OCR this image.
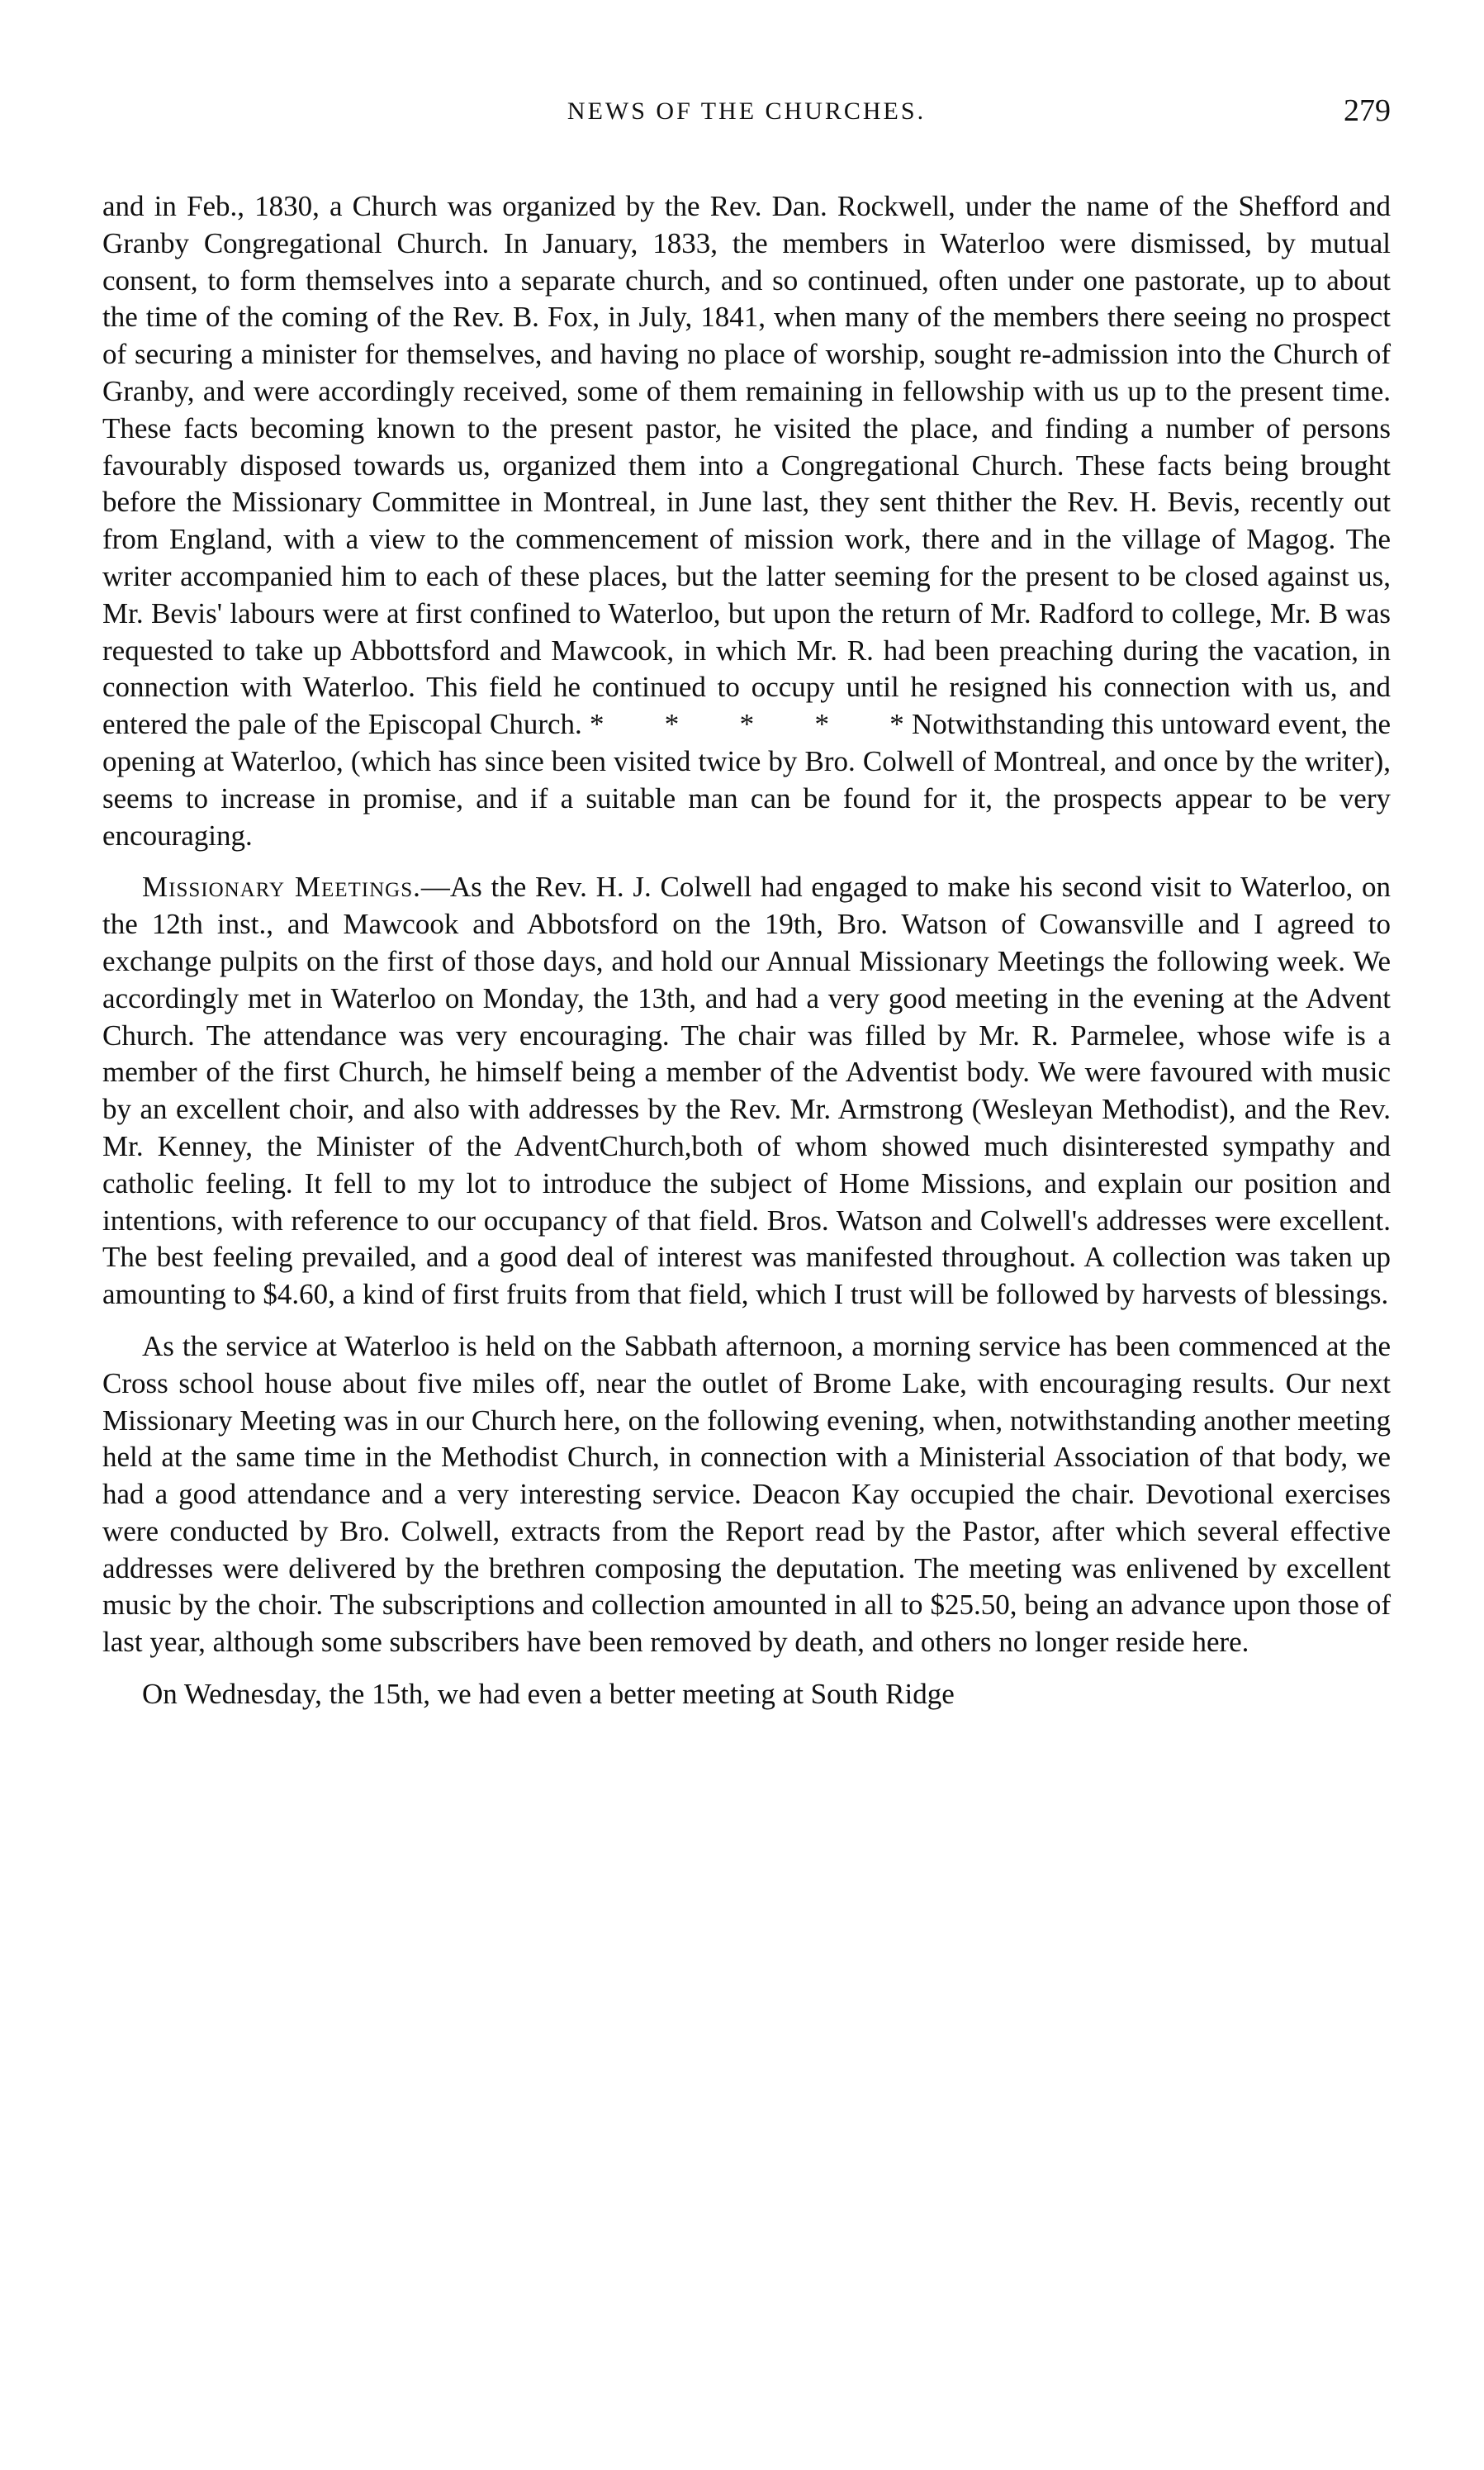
NEWS OF THE CHURCHES.	279

and in Feb., 1830, a Church was organized by the Rev. Dan. Rockwell, under the name of the Shefford and Granby Congregational Church. In January, 1833, the members in Waterloo were dismissed, by mutual consent, to form themselves into a separate church, and so continued, often under one pastorate, up to about the time of the coming of the Rev. B. Fox, in July, 1841, when many of the members there seeing no prospect of securing a minister for themselves, and having no place of worship, sought re-admission into the Church of Granby, and were accordingly received, some of them remaining in fellowship with us up to the present time. These facts becoming known to the present pastor, he visited the place, and finding a number of persons favourably disposed towards us, organized them into a Congregational Church. These facts being brought before the Missionary Committee in Montreal, in June last, they sent thither the Rev. H. Bevis, recently out from England, with a view to the commencement of mission work, there and in the village of Magog. The writer accompanied him to each of these places, but the latter seeming for the present to be closed against us, Mr. Bevis' labours were at first confined to Waterloo, but upon the return of Mr. Radford to college, Mr. B was requested to take up Abbottsford and Mawcook, in which Mr. R. had been preaching during the vacation, in connection with Waterloo. This field he continued to occupy until he resigned his connection with us, and entered the pale of the Episcopal Church. *        *        *        *        * Notwithstanding this untoward event, the opening at Waterloo, (which has since been visited twice by Bro. Colwell of Montreal, and once by the writer), seems to increase in promise, and if a suitable man can be found for it, the prospects appear to be very encouraging.

Missionary Meetings.—As the Rev. H. J. Colwell had engaged to make his second visit to Waterloo, on the 12th inst., and Mawcook and Abbotsford on the 19th, Bro. Watson of Cowansville and I agreed to exchange pulpits on the first of those days, and hold our Annual Missionary Meetings the following week. We accordingly met in Waterloo on Monday, the 13th, and had a very good meeting in the evening at the Advent Church. The attendance was very encouraging. The chair was filled by Mr. R. Parmelee, whose wife is a member of the first Church, he himself being a member of the Adventist body. We were favoured with music by an excellent choir, and also with addresses by the Rev. Mr. Armstrong (Wesleyan Methodist), and the Rev. Mr. Kenney, the Minister of the AdventChurch,both of whom showed much disinterested sympathy and catholic feeling. It fell to my lot to introduce the subject of Home Missions, and explain our position and intentions, with reference to our occupancy of that field. Bros. Watson and Colwell's addresses were excellent. The best feeling prevailed, and a good deal of interest was manifested throughout. A collection was taken up amounting to $4.60, a kind of first fruits from that field, which I trust will be followed by harvests of blessings.

As the service at Waterloo is held on the Sabbath afternoon, a morning service has been commenced at the Cross school house about five miles off, near the outlet of Brome Lake, with encouraging results. Our next Missionary Meeting was in our Church here, on the following evening, when, notwithstanding another meeting held at the same time in the Methodist Church, in connection with a Ministerial Association of that body, we had a good attendance and a very interesting service. Deacon Kay occupied the chair. Devotional exercises were conducted by Bro. Colwell, extracts from the Report read by the Pastor, after which several effective addresses were delivered by the brethren composing the deputation. The meeting was enlivened by excellent music by the choir. The subscriptions and collection amounted in all to $25.50, being an advance upon those of last year, although some subscribers have been removed by death, and others no longer reside here.

On Wednesday, the 15th, we had even a better meeting at South Ridge
